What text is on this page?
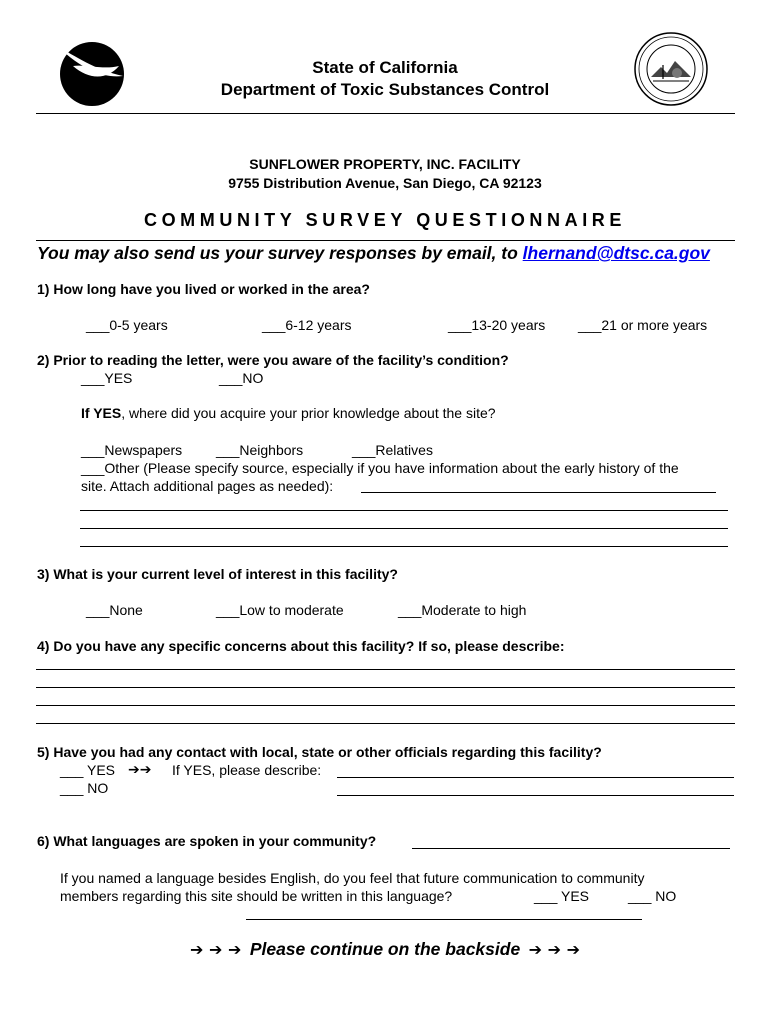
State of California
Department of Toxic Substances Control
SUNFLOWER PROPERTY, INC. FACILITY
9755 Distribution Avenue, San Diego, CA 92123
COMMUNITY SURVEY QUESTIONNAIRE
You may also send us your survey responses by email, to lhernand@dtsc.ca.gov
1) How long have you lived or worked in the area?
___0-5 years	___6-12 years	___13-20 years ___21 or more years
2) Prior to reading the letter, were you aware of the facility’s condition?
___YES	___NO
If YES, where did you acquire your prior knowledge about the site?
___Newspapers ___Neighbors	___Relatives
___Other (Please specify source, especially if you have information about the early history of the
site. Attach additional pages as needed):
3) What is your current level of interest in this facility?
___None	___Low to moderate	___Moderate to high
4) Do you have any specific concerns about this facility? If so, please describe:
5) Have you had any contact with local, state or other officials regarding this facility?
___ YES ➔➔ If YES, please describe:
___ NO
6) What languages are spoken in your community?
If you named a language besides English, do you feel that future communication to community
members regarding this site should be written in this language?	___ YES	___ NO
➔ ➔ ➔ Please continue on the backside ➔ ➔ ➔
